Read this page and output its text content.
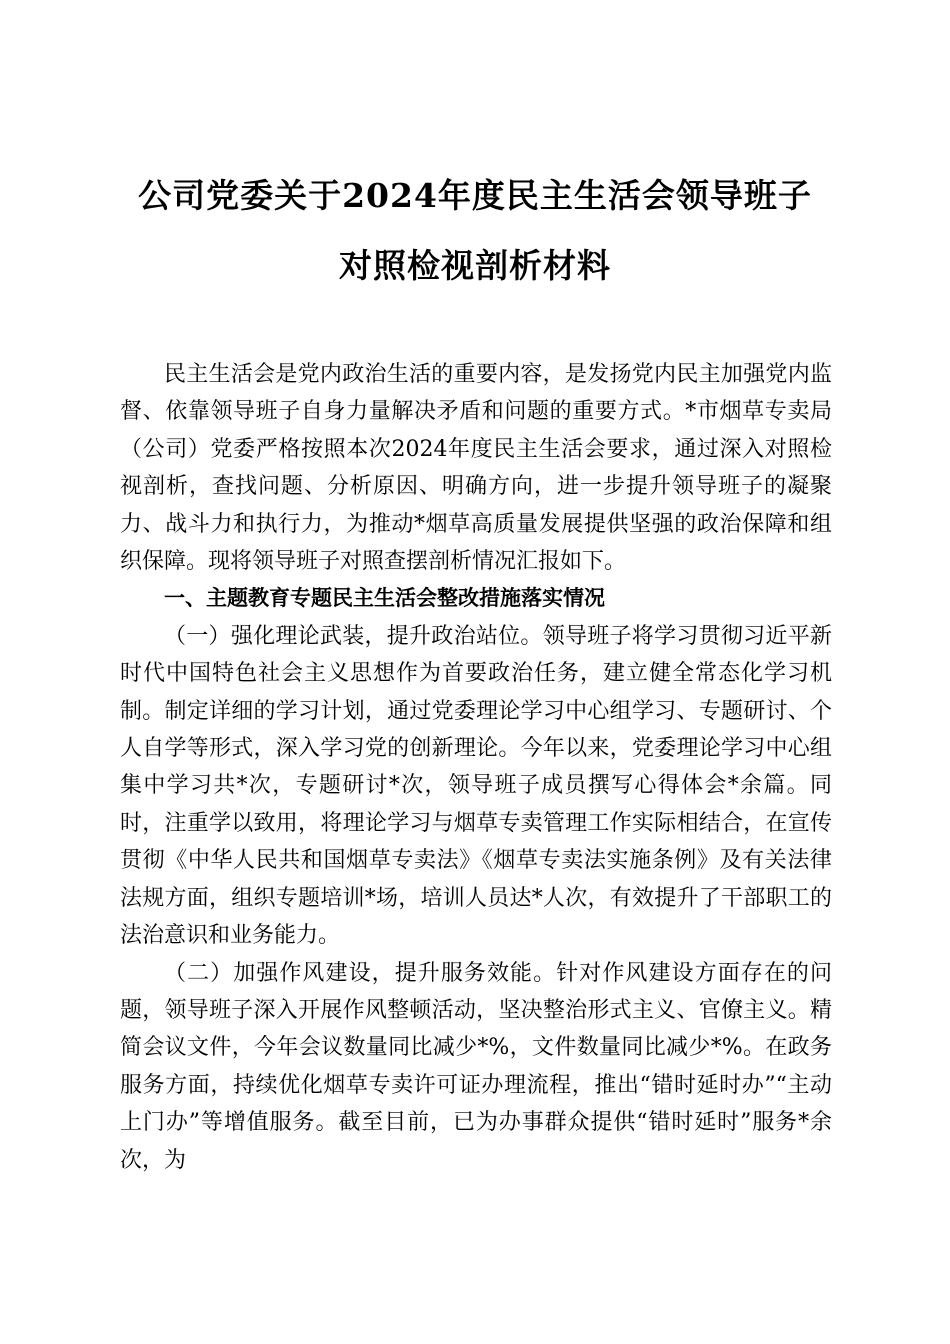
公司党委关于2024年度民主生活会领导班子
对照检视剖析材料

民主生活会是党内政治生活的重要内容，是发扬党内民主加强党内监督、依靠领导班子自身力量解决矛盾和问题的重要方式。*市烟草专卖局（公司）党委严格按照本次2024年度民主生活会要求，通过深入对照检视剖析，查找问题、分析原因、明确方向，进一步提升领导班子的凝聚力、战斗力和执行力，为推动*烟草高质量发展提供坚强的政治保障和组织保障。现将领导班子对照查摆剖析情况汇报如下。

一、主题教育专题民主生活会整改措施落实情况

（一）强化理论武装，提升政治站位。领导班子将学习贯彻习近平新时代中国特色社会主义思想作为首要政治任务，建立健全常态化学习机制。制定详细的学习计划，通过党委理论学习中心组学习、专题研讨、个人自学等形式，深入学习党的创新理论。今年以来，党委理论学习中心组集中学习共*次，专题研讨*次，领导班子成员撰写心得体会*余篇。同时，注重学以致用，将理论学习与烟草专卖管理工作实际相结合，在宣传贯彻《中华人民共和国烟草专卖法》《烟草专卖法实施条例》及有关法律法规方面，组织专题培训*场，培训人员达*人次，有效提升了干部职工的法治意识和业务能力。

（二）加强作风建设，提升服务效能。针对作风建设方面存在的问题，领导班子深入开展作风整顿活动，坚决整治形式主义、官僚主义。精简会议文件，今年会议数量同比减少*%，文件数量同比减少*%。在政务服务方面，持续优化烟草专卖许可证办理流程，推出“错时延时办”“主动上门办”等增值服务。截至目前，已为办事群众提供“错时延时”服务*余次，为
